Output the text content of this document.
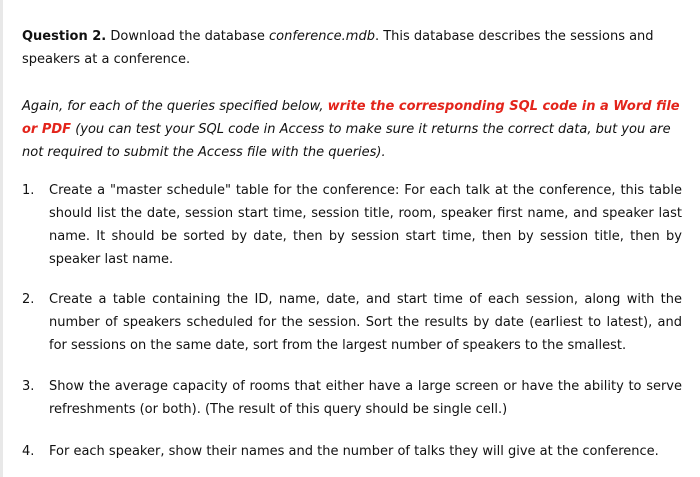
Question 2. Download the database conference.mdb. This database describes the sessions and speakers at a conference.
Again, for each of the queries specified below, write the corresponding SQL code in a Word file or PDF (you can test your SQL code in Access to make sure it returns the correct data, but you are not required to submit the Access file with the queries).
1.	Create a "master schedule" table for the conference: For each talk at the conference, this table should list the date, session start time, session title, room, speaker first name, and speaker last name. It should be sorted by date, then by session start time, then by session title, then by speaker last name.
2.	Create a table containing the ID, name, date, and start time of each session, along with the number of speakers scheduled for the session. Sort the results by date (earliest to latest), and for sessions on the same date, sort from the largest number of speakers to the smallest.
3.	Show the average capacity of rooms that either have a large screen or have the ability to serve refreshments (or both). (The result of this query should be single cell.)
4.	For each speaker, show their names and the number of talks they will give at the conference.
